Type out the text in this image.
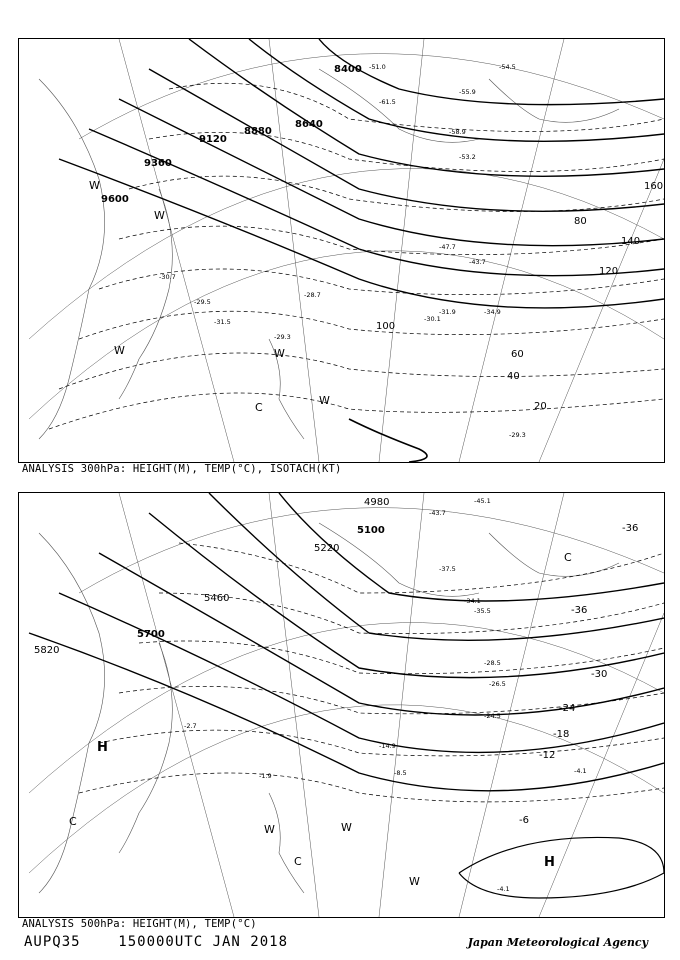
8400
8640
8880
9120
9360
9600
20
40
60
80
100
120
140
160
-51.0
-55.9
-58.9
-61.5
-54.5
-53.2
-47.7
-43.7
-29.5
-30.7
-31.5
-28.7
-29.3
-30.1
-31.9	-34.9
-29.3
W
W
W	W
C
W
ANALYSIS 300hPa: HEIGHT(M), TEMP(°C), ISOTACH(KT)
4980
5100
5220
5460
5700
5820
-36
-36
-30
-24
-18
-12
-6
-45.1
-43.7
-37.5
-35.5
-34.1
-28.5
-26.5
-24.5
-14.9
-8.5	-4.1
-2.7
-1.9
-4.1
C
H
C
W	W
C
W
H
ANALYSIS 500hPa: HEIGHT(M), TEMP(°C)
AUPQ35    150000UTC JAN 2018	Japan Meteorological Agency
